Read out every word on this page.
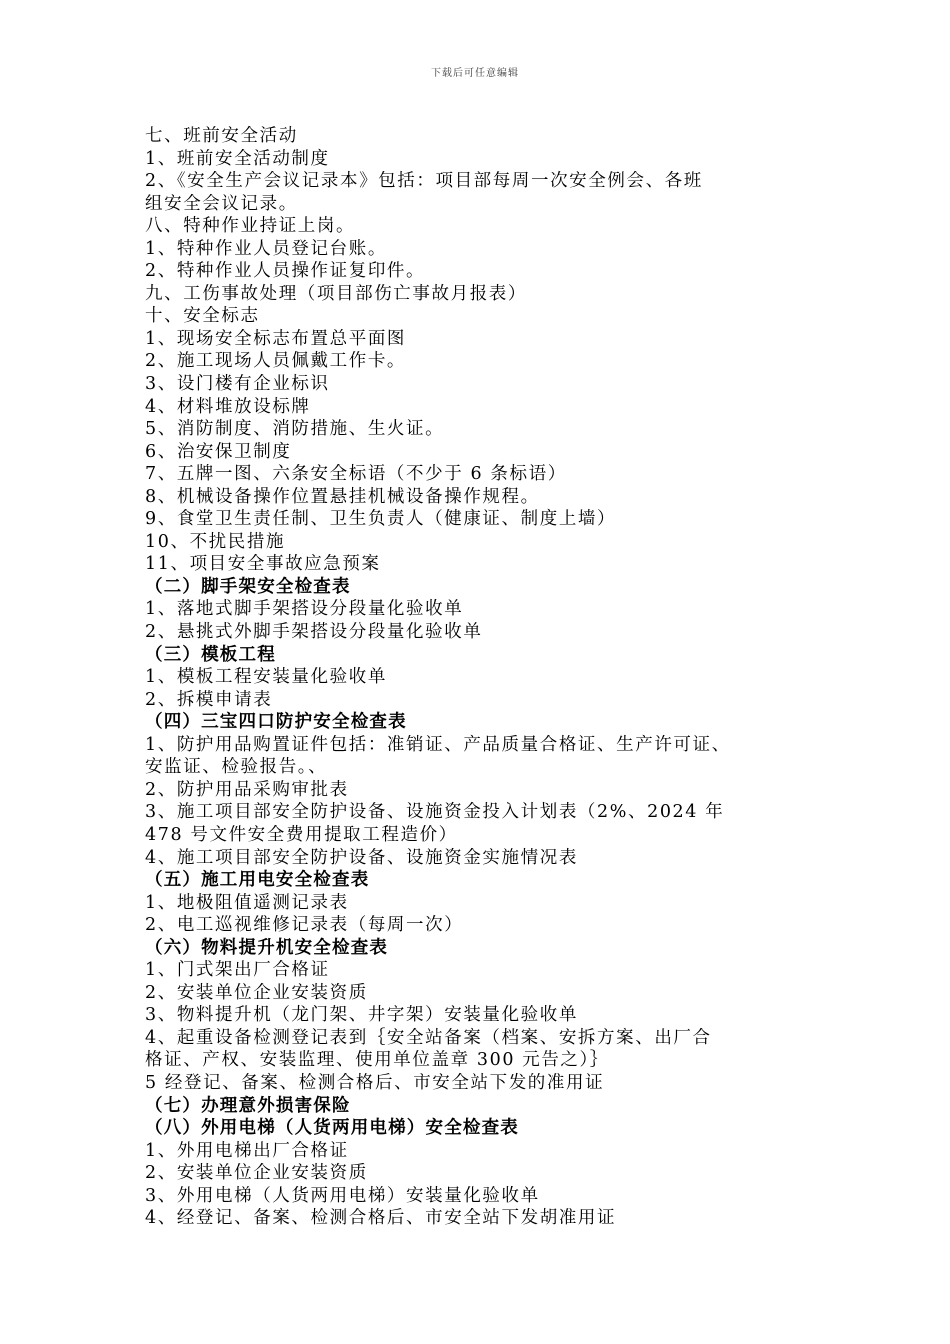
下载后可任意编辑
七、班前安全活动
1、班前安全活动制度
2、《安全生产会议记录本》包括：项目部每周一次安全例会、各班
组安全会议记录。
八、特种作业持证上岗。
1、特种作业人员登记台账。
2、特种作业人员操作证复印件。
九、工伤事故处理（项目部伤亡事故月报表）
十、安全标志
1、现场安全标志布置总平面图
2、施工现场人员佩戴工作卡。
3、设门楼有企业标识
4、材料堆放设标牌
5、消防制度、消防措施、生火证。
6、治安保卫制度
7、五牌一图、六条安全标语（不少于 6 条标语）
8、机械设备操作位置悬挂机械设备操作规程。
9、食堂卫生责任制、卫生负责人（健康证、制度上墙）
10、不扰民措施
11、项目安全事故应急预案
（二）脚手架安全检查表
1、落地式脚手架搭设分段量化验收单
2、悬挑式外脚手架搭设分段量化验收单
（三）模板工程
1、模板工程安装量化验收单
2、拆模申请表
（四）三宝四口防护安全检查表
1、防护用品购置证件包括：准销证、产品质量合格证、生产许可证、
安监证、检验报告。、
2、防护用品采购审批表
3、施工项目部安全防护设备、设施资金投入计划表（2%、2024 年
478 号文件安全费用提取工程造价）
4、施工项目部安全防护设备、设施资金实施情况表
（五）施工用电安全检查表
1、地极阻值遥测记录表
2、电工巡视维修记录表（每周一次）
（六）物料提升机安全检查表
1、门式架出厂合格证
2、安装单位企业安装资质
3、物料提升机（龙门架、井字架）安装量化验收单
4、起重设备检测登记表到｛安全站备案（档案、安拆方案、出厂合
格证、产权、安装监理、使用单位盖章 300 元告之）｝
5 经登记、备案、检测合格后、市安全站下发的准用证
（七）办理意外损害保险
（八）外用电梯（人货两用电梯）安全检查表
1、外用电梯出厂合格证
2、安装单位企业安装资质
3、外用电梯（人货两用电梯）安装量化验收单
4、经登记、备案、检测合格后、市安全站下发胡准用证
